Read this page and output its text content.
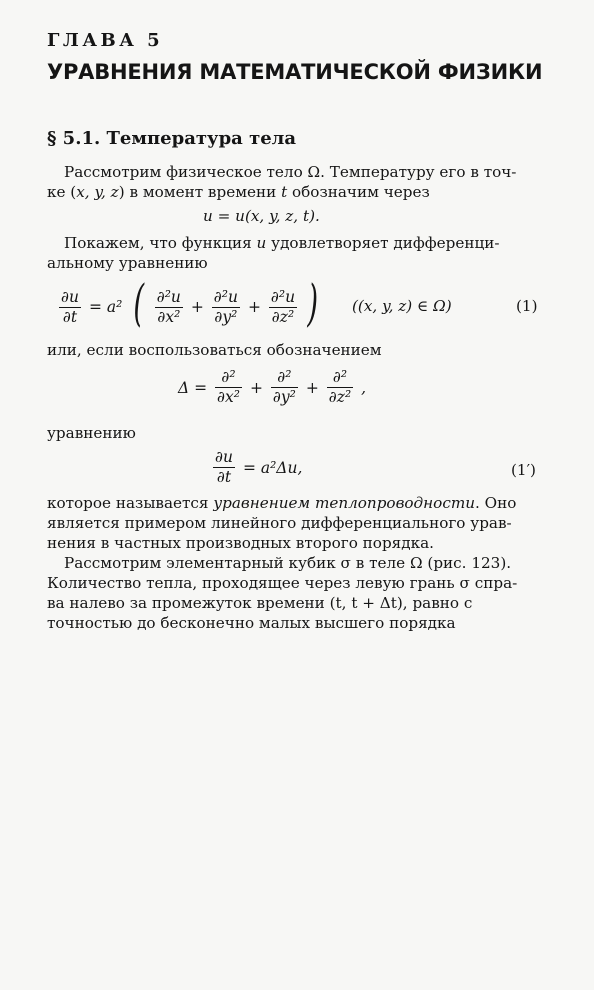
ГЛАВА 5
УРАВНЕНИЯ МАТЕМАТИЧЕСКОЙ ФИЗИКИ
§ 5.1. Температура тела
Рассмотрим физическое тело Ω. Температуру его в точ-
ке (x, y, z) в момент времени t обозначим через
u = u(x, y, z, t).
Покажем, что функция u удовлетворяет дифференци-
альному уравнению
$\frac{\partial u}{\partial t} = a^2$ ( $\frac{\text{∂²u}}{\text{∂x²}} + \frac{\text{∂²u}}{\text{∂y²}} + \frac{\text{∂²u}}{\text{∂z²}}$ ) ((x, y, z) ∈ Ω)	(1)
или, если воспользоваться обозначением
$\Delta = \frac{\text{∂²}}{\text{∂x²}} + \frac{\text{∂²}}{\text{∂y²}} + \frac{\text{∂²}}{\text{∂z²}}$ ,
уравнению
$\frac{\partial u}{\partial t} = a^2\Delta u$,	(1′)
которое называется уравнением теплопроводности. Оно
является примером линейного дифференциального урав-
нения в частных производных второго порядка.
Рассмотрим элементарный кубик σ в теле Ω (рис. 123).
Количество тепла, проходящее через левую грань σ спра-
ва налево за промежуток времени (t, t + Δt), равно с
точностью до бесконечно малых высшего порядка
